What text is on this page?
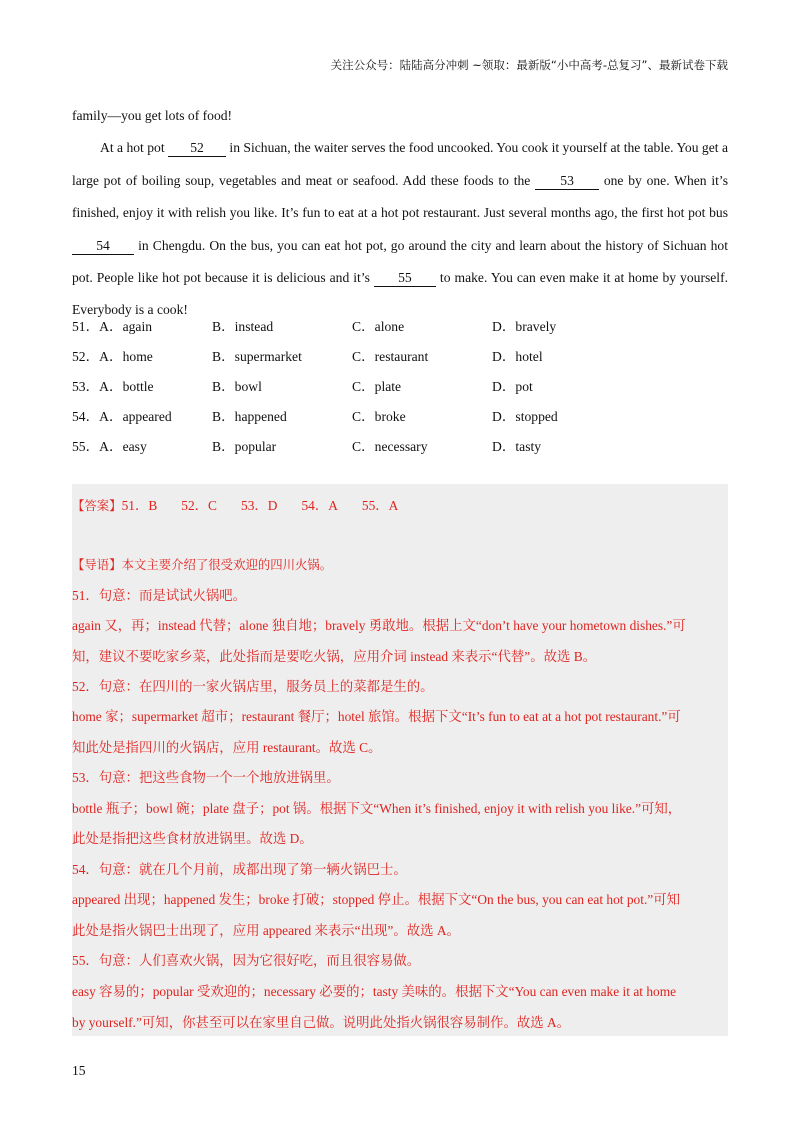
关注公众号：陆陆高分冲刺 ~领取：最新版“小中高考-总复习”、最新试卷下载

family—you get lots of food!

At a hot pot 52 in Sichuan, the waiter serves the food uncooked. You cook it yourself at the table. You get a large pot of boiling soup, vegetables and meat or seafood. Add these foods to the 53 one by one. When it’s finished, enjoy it with relish you like. It’s fun to eat at a hot pot restaurant. Just several months ago, the first hot pot bus 54 in Chengdu. On the bus, you can eat hot pot, go around the city and learn about the history of Sichuan hot pot. People like hot pot because it is delicious and it’s 55 to make. You can even make it at home by yourself. Everybody is a cook!

51．A．again	B．instead	C．alone	D．bravely
52．A．home	B．supermarket	C．restaurant	D．hotel
53．A．bottle	B．bowl	C．plate	D．pot
54．A．appeared	B．happened	C．broke	D．stopped
55．A．easy	B．popular	C．necessary	D．tasty
【答案】51．B 52．C 53．D 54．A 55．A
【导语】本文主要介绍了很受欢迎的四川火锅。
51．句意：而是试试火锅吧。
again 又，再；instead 代替；alone 独自地；bravely 勇敢地。根据上文“don’t have your hometown dishes.”可
知，建议不要吃家乡菜，此处指而是要吃火锅，应用介词 instead 来表示“代替”。故选 B。
52．句意：在四川的一家火锅店里，服务员上的菜都是生的。
home 家；supermarket 超市；restaurant 餐厅；hotel 旅馆。根据下文“It’s fun to eat at a hot pot restaurant.”可
知此处是指四川的火锅店，应用 restaurant。故选 C。
53．句意：把这些食物一个一个地放进锅里。
bottle 瓶子；bowl 碗；plate 盘子；pot 锅。根据下文“When it’s finished, enjoy it with relish you like.”可知，
此处是指把这些食材放进锅里。故选 D。
54．句意：就在几个月前，成都出现了第一辆火锅巴士。
appeared 出现；happened 发生；broke 打破；stopped 停止。根据下文“On the bus, you can eat hot pot.”可知
此处是指火锅巴士出现了，应用 appeared 来表示“出现”。故选 A。
55．句意：人们喜欢火锅，因为它很好吃，而且很容易做。
easy 容易的；popular 受欢迎的；necessary 必要的；tasty 美味的。根据下文“You can even make it at home
by yourself.”可知，你甚至可以在家里自己做。说明此处指火锅很容易制作。故选 A。
15
